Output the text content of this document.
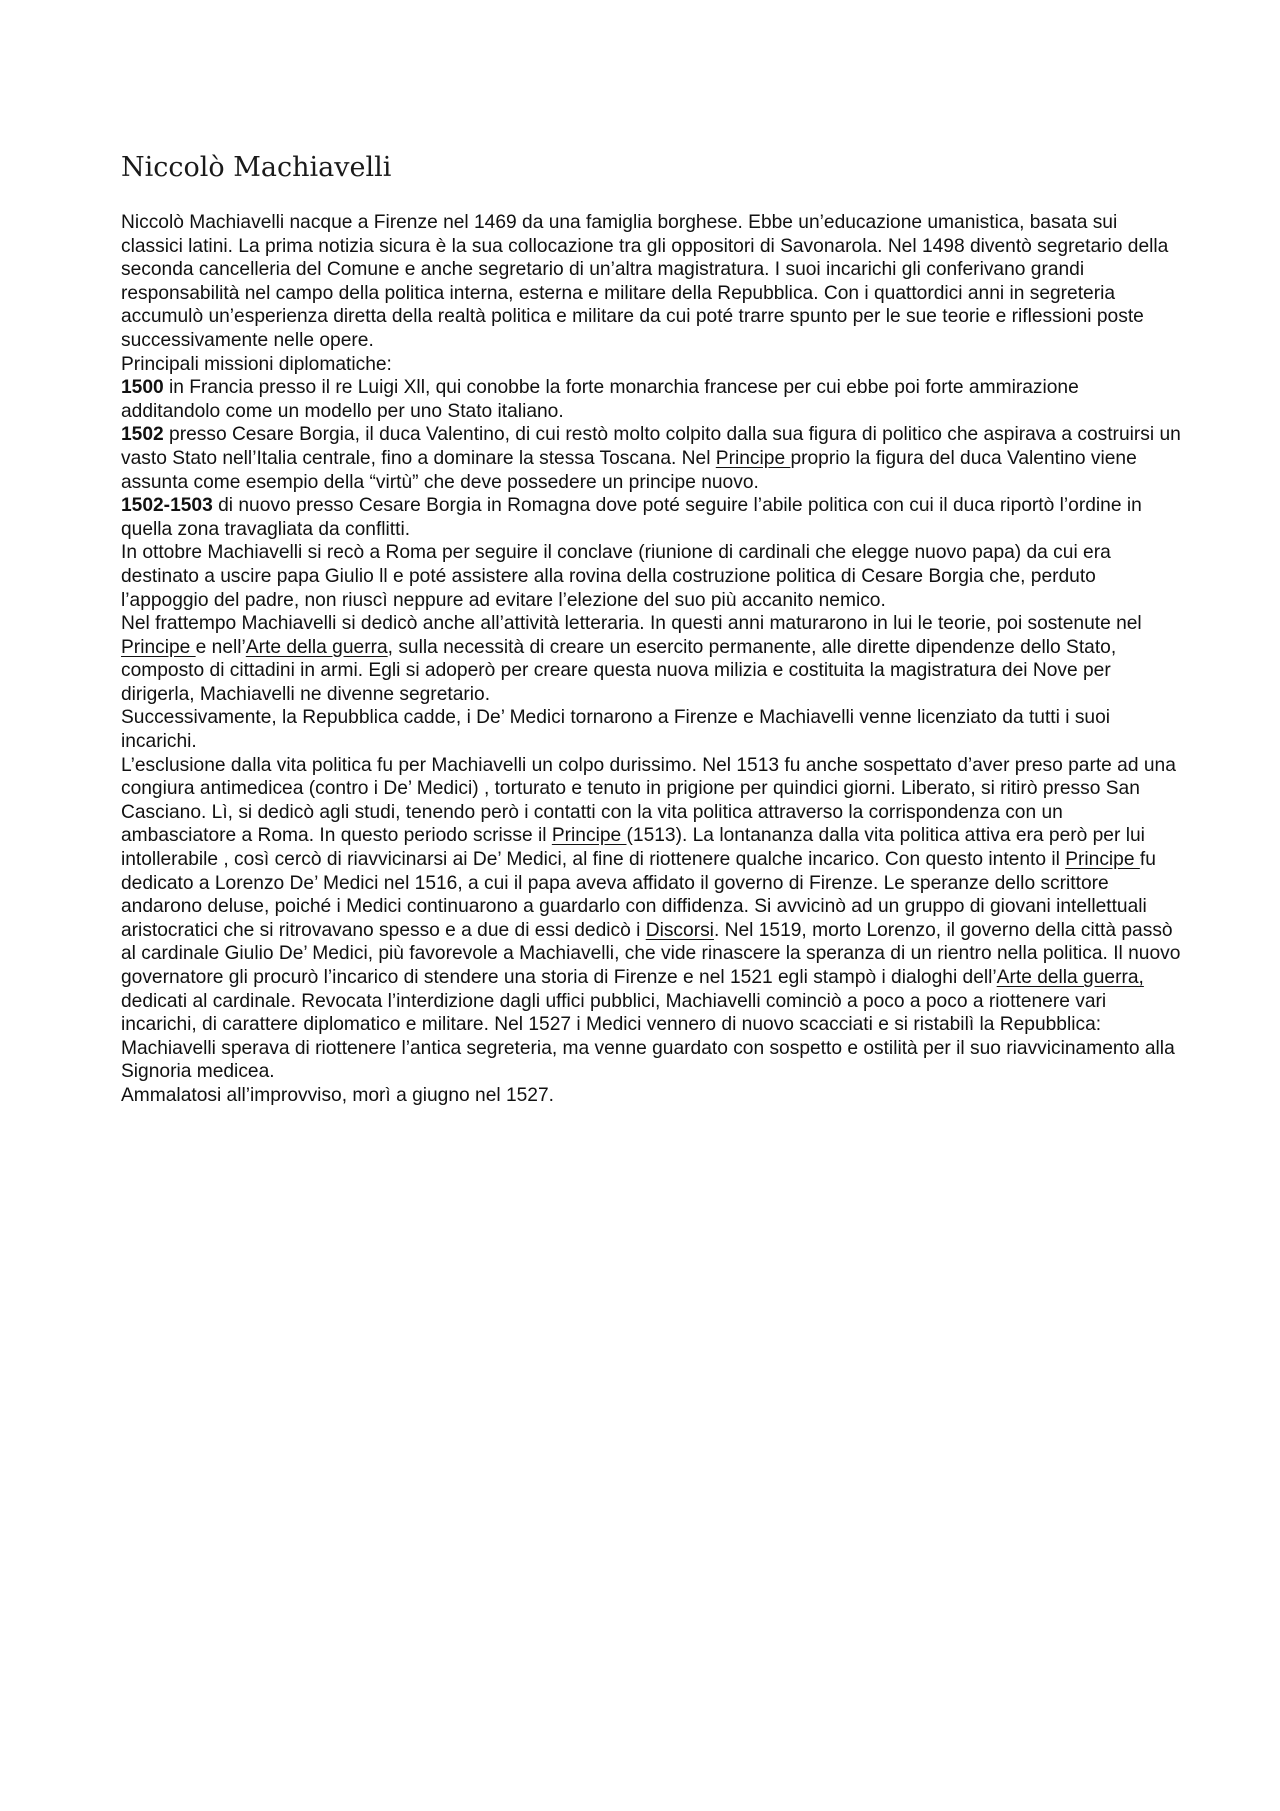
Niccolò Machiavelli

Niccolò Machiavelli nacque a Firenze nel 1469 da una famiglia borghese. Ebbe un’educazione umanistica, basata sui classici latini. La prima notizia sicura è la sua collocazione tra gli oppositori di Savonarola. Nel 1498 diventò segretario della seconda cancelleria del Comune e anche segretario di un’altra magistratura. I suoi incarichi gli conferivano grandi responsabilità nel campo della politica interna, esterna e militare della Repubblica. Con i quattordici anni in segreteria accumulò un’esperienza diretta della realtà politica e militare da cui poté trarre spunto per le sue teorie e riflessioni poste successivamente nelle opere.

Principali missioni diplomatiche:

1500 in Francia presso il re Luigi Xll, qui conobbe la forte monarchia francese per cui ebbe poi forte ammirazione additandolo come un modello per uno Stato italiano.

1502 presso Cesare Borgia, il duca Valentino, di cui restò molto colpito dalla sua figura di politico che aspirava a costruirsi un vasto Stato nell’Italia centrale, fino a dominare la stessa Toscana. Nel Principe proprio la figura del duca Valentino viene assunta come esempio della “virtù” che deve possedere un principe nuovo.

1502-1503 di nuovo presso Cesare Borgia in Romagna dove poté seguire l’abile politica con cui il duca riportò l’ordine in quella zona travagliata da conflitti.

In ottobre Machiavelli si recò a Roma per seguire il conclave (riunione di cardinali che elegge nuovo papa) da cui era destinato a uscire papa Giulio ll e poté assistere alla rovina della costruzione politica di Cesare Borgia che, perduto l’appoggio del padre, non riuscì neppure ad evitare l’elezione del suo più accanito nemico.

Nel frattempo Machiavelli si dedicò anche all’attività letteraria. In questi anni maturarono in lui le teorie, poi sostenute nel Principe e nell’Arte della guerra, sulla necessità di creare un esercito permanente, alle dirette dipendenze dello Stato, composto di cittadini in armi. Egli si adoperò per creare questa nuova milizia e costituita la magistratura dei Nove per dirigerla, Machiavelli ne divenne segretario.

Successivamente, la Repubblica cadde, i De’ Medici tornarono a Firenze e Machiavelli venne licenziato da tutti i suoi incarichi.

L’esclusione dalla vita politica fu per Machiavelli un colpo durissimo. Nel 1513 fu anche sospettato d’aver preso parte ad una congiura antimedicea (contro i De’ Medici) , torturato e tenuto in prigione per quindici giorni. Liberato, si ritirò presso San Casciano. Lì, si dedicò agli studi, tenendo però i contatti con la vita politica attraverso la corrispondenza con un ambasciatore a Roma. In questo periodo scrisse il Principe (1513). La lontananza dalla vita politica attiva era però per lui intollerabile , così cercò di riavvicinarsi ai De’ Medici, al fine di riottenere qualche incarico. Con questo intento il Principe fu dedicato a Lorenzo De’ Medici nel 1516, a cui il papa aveva affidato il governo di Firenze. Le speranze dello scrittore andarono deluse, poiché i Medici continuarono a guardarlo con diffidenza. Si avvicinò ad un gruppo di giovani intellettuali aristocratici che si ritrovavano spesso e a due di essi dedicò i Discorsi. Nel 1519, morto Lorenzo, il governo della città passò al cardinale Giulio De’ Medici, più favorevole a Machiavelli, che vide rinascere la speranza di un rientro nella politica. Il nuovo governatore gli procurò l’incarico di stendere una storia di Firenze e nel 1521 egli stampò i dialoghi dell’Arte della guerra, dedicati al cardinale. Revocata l’interdizione dagli uffici pubblici, Machiavelli cominciò a poco a poco a riottenere vari incarichi, di carattere diplomatico e militare. Nel 1527 i Medici vennero di nuovo scacciati e si ristabilì la Repubblica: Machiavelli sperava di riottenere l’antica segreteria, ma venne guardato con sospetto e ostilità per il suo riavvicinamento alla Signoria medicea.

Ammalatosi all’improvviso, morì a giugno nel 1527.
